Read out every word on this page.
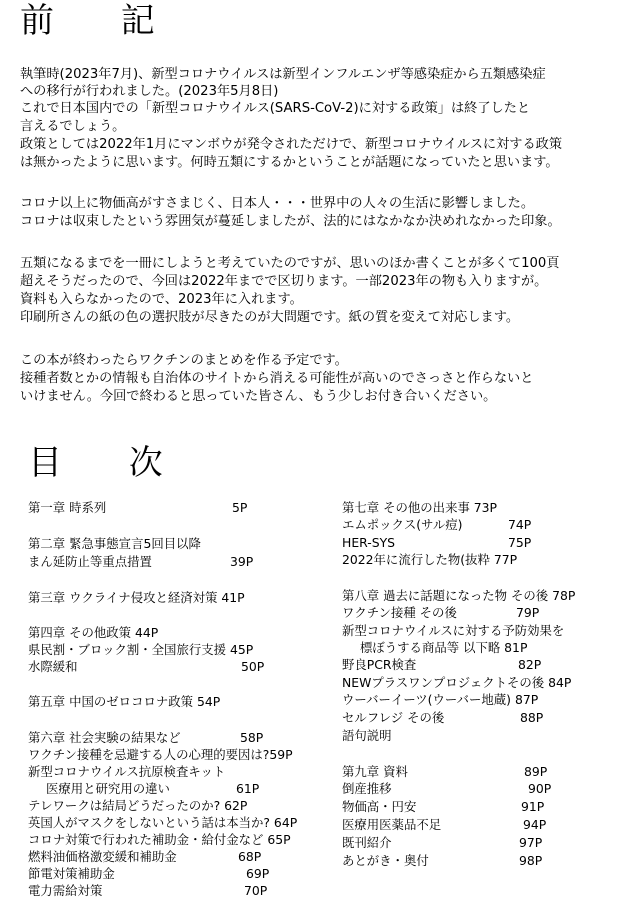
前 記
執筆時(2023年7月)、新型コロナウイルスは新型インフルエンザ等感染症から五類感染症
への移行が行われました。(2023年5月8日)
これで日本国内での「新型コロナウイルス(SARS-CoV-2)に対する政策」は終了したと
言えるでしょう。
政策としては2022年1月にマンボウが発令されただけで、新型コロナウイルスに対する政策
は無かったように思います。何時五類にするかということが話題になっていたと思います。
コロナ以上に物価高がすさまじく、日本人・・・世界中の人々の生活に影響しました。
コロナは収束したという雰囲気が蔓延しましたが、法的にはなかなか決めれなかった印象。
五類になるまでを一冊にしようと考えていたのですが、思いのほか書くことが多くて100頁
超えそうだったので、今回は2022年までで区切ります。一部2023年の物も入りますが。
資料も入らなかったので、2023年に入れます。
印刷所さんの紙の色の選択肢が尽きたのが大問題です。紙の質を変えて対応します。
この本が終わったらワクチンのまとめを作る予定です。
接種者数とかの情報も自治体のサイトから消える可能性が高いのでさっさと作らないと
いけません。今回で終わると思っていた皆さん、もう少しお付き合いください。
目 次
第一章 時系列	5P
第二章 緊急事態宣言5回目以降
まん延防止等重点措置	39P
第三章 ウクライナ侵攻と経済対策 41P
第四章 その他政策 44P
県民割・ブロック割・全国旅行支援 45P
水際緩和	50P
第五章 中国のゼロコロナ政策 54P
第六章 社会実験の結果など	58P
ワクチン接種を忌避する人の心理的要因は?59P
新型コロナウイルス抗原検査キット
医療用と研究用の違い	61P
テレワークは結局どうだったのか? 62P
英国人がマスクをしないという話は本当か? 64P
コロナ対策で行われた補助金・給付金など 65P
燃料油価格激変緩和補助金	68P
節電対策補助金	69P
電力需給対策	70P
第七章 その他の出来事 73P
エムポックス(サル痘)	74P
HER-SYS	75P
2022年に流行した物(抜粋 77P
第八章 過去に話題になった物 その後 78P
ワクチン接種 その後	79P
新型コロナウイルスに対する予防効果を
標ぼうする商品等 以下略 81P
野良PCR検査	82P
NEWプラスワンプロジェクトその後 84P
ウーバーイーツ(ウーバー地蔵) 87P
セルフレジ その後	88P
語句説明
第九章 資料	89P
倒産推移	90P
物価高・円安	91P
医療用医薬品不足	94P
既刊紹介	97P
あとがき・奥付	98P
